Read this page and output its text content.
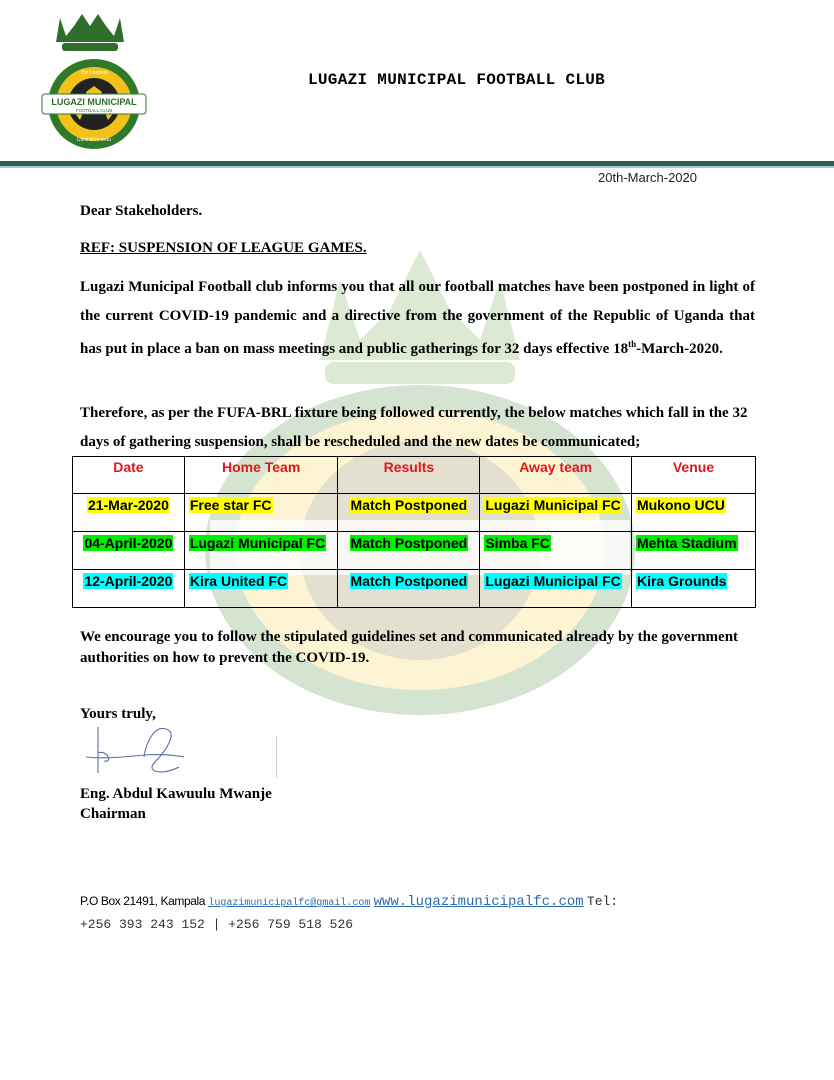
LUGAZI MUNICIPAL
FOOTBALL CLUB
The Leaders
Ushindi ni wetu
LUGAZI MUNICIPAL FOOTBALL CLUB
20th-March-2020
Dear Stakeholders.
REF: SUSPENSION OF LEAGUE GAMES.
Lugazi Municipal Football club informs you that all our football matches have been postponed in light of the current COVID-19 pandemic and a directive from the government of the Republic of Uganda that has put in place a ban on mass meetings and public gatherings for 32 days effective 18th-March-2020.
Therefore, as per the FUFA-BRL fixture being followed currently, the below matches which fall in the 32 days of gathering suspension, shall be rescheduled and the new dates be communicated;
Date	Home Team	Results	Away team	Venue
21-Mar-2020	Free star FC	Match Postponed	Lugazi Municipal FC	Mukono UCU
04-April-2020	Lugazi Municipal FC	Match Postponed	Simba FC	Mehta Stadium
12-April-2020	Kira United FC	Match Postponed	Lugazi Municipal FC	Kira Grounds
We encourage you to follow the stipulated guidelines set and communicated already by the government authorities on how to prevent the COVID-19.
Yours truly,
Eng. Abdul Kawuulu Mwanje
Chairman
P.O Box 21491, Kampala lugazimunicipalfc@gmail.com www.lugazimunicipalfc.com Tel:
+256 393 243 152 | +256 759 518 526
